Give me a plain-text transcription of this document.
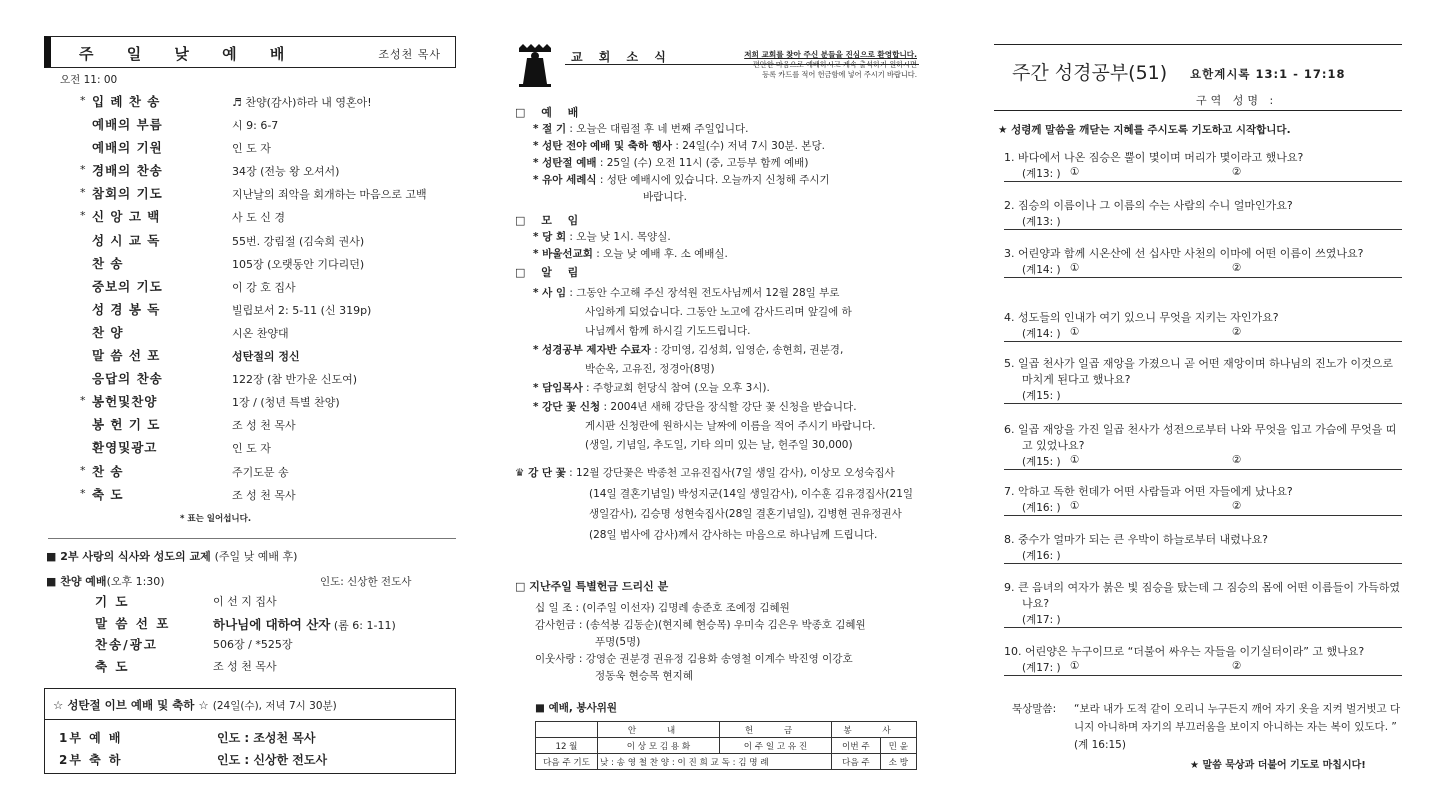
주 일 낮 예 배	조성천 목사
오전 11: 00
* 입 례 찬 송	♬ 찬양(감사)하라 내 영혼아!
예배의 부름	시 9: 6-7
예배의 기원	인 도 자
* 경배의 찬송	34장 (전능 왕 오셔서)
* 참회의 기도	지난날의 죄악을 회개하는 마음으로 고백
* 신 앙 고 백	사 도 신 경
성 시 교 독	55번. 강림절 (김숙희 권사)
찬 송	105장 (오랫동안 기다리던)
중보의 기도	이 강 호 집사
성 경 봉 독	빌립보서 2: 5-11 (신 319p)
찬 양	시온 찬양대
말 씀 선 포	성탄절의 정신
응답의 찬송	122장 (참 반가운 신도여)
* 봉헌및찬양	1장 / (청년 특별 찬양)
봉 헌 기 도	조 성 천 목사
환영및광고	인 도 자
* 찬 송	주기도문 송
* 축 도	조 성 천 목사
* 표는 일어섭니다.
■ 2부 사랑의 식사와 성도의 교제 (주일 낮 예배 후)
■ 찬양 예배(오후 1:30)	인도: 신상한 전도사
기 도	이 선 지 집사
말 씀 선 포	하나님에 대하여 산자 (롬 6: 1-11)
찬송/광고	506장 / *525장
축 도	조 성 천 목사
☆ 성탄절 이브 예배 및 축하 ☆ (24일(수), 저녁 7시 30분)
1부 예 배	인도 : 조성천 목사
2부 축 하	인도 : 신상한 전도사
교 회 소 식	저희 교회를 찾아 주신 분들을 진심으로 환영합니다.
편안한 마음으로 예배하시고 계속 출석하기 원하시면
등록 카드를 적어 헌금함에 넣어 주시기 바랍니다.
□ 예 배
* 절 기 : 오늘은 대림절 후 네 번째 주일입니다.
* 성탄 전야 예배 및 축하 행사 : 24일(수) 저녁 7시 30분. 본당.
* 성탄절 예배 : 25일 (수) 오전 11시 (중, 고등부 함께 예배)
* 유아 세례식 : 성탄 예배시에 있습니다. 오늘까지 신청해 주시기
바랍니다.
□ 모 임
* 당 회 : 오늘 낮 1시. 목양실.
* 바울선교회 : 오늘 낮 예배 후. 소 예배실.
□ 알 림
* 사 임 : 그동안 수고해 주신 장석원 전도사님께서 12월 28일 부로
사임하게 되었습니다. 그동안 노고에 감사드리며 앞길에 하
나님께서 함께 하시길 기도드립니다.
* 성경공부 제자반 수료자 : 강미영, 김성희, 임영순, 송현희, 권분경,
박순옥, 고유진, 정경아(8명)
* 담임목사 : 주항교회 헌당식 참여 (오늘 오후 3시).
* 강단 꽃 신청 : 2004년 새해 강단을 장식할 강단 꽃 신청을 받습니다.
게시판 신청란에 원하시는 날짜에 이름을 적어 주시기 바랍니다.
(생일, 기념일, 추도일, 기타 의미 있는 날, 헌주일 30,000)
♛ 강 단 꽃 : 12월 강단꽃은 박종천 고유진집사(7일 생일 감사), 이상모 오성숙집사
(14일 결혼기념일) 박성지군(14일 생일감사), 이수훈 김유경집사(21일
생일감사), 김승명 성현숙집사(28일 결혼기념일), 김병현 권유정권사
(28일 범사에 감사)께서 감사하는 마음으로 하나님께 드립니다.
□ 지난주일 특별헌금 드리신 분
십 일 조 : (이주일 이선자) 김명례 송준호 조예정 김혜원
감사헌금 : (송석봉 김동순)(현지혜 현승목) 우미숙 김은우 박종호 김혜원
푸명(5명)
이웃사랑 : 강영순 권분경 권유정 김용화 송영철 이계수 박진영 이강호
정동욱 현승목 현지혜
■ 예배, 봉사위원
	안 내	헌 금	봉 사	
12 월	이 상 모 김 용 화	이 주 일 고 유 진	이번 주	민 윤
다음 주 기도	낮 : 송 영 철 찬 양 : 이 진 희 교 독 : 김 명 례		다음 주	소 방
주간 성경공부(51) 요한계시록 13:1 - 17:18
구역 성명 :
★ 성령께 말씀을 깨닫는 지혜를 주시도록 기도하고 시작합니다.
1. 바다에서 나온 짐승은 뿔이 몇이며 머리가 몇이라고 했나요?
(계13: ) ①	②
2. 짐승의 이름이나 그 이름의 수는 사람의 수니 얼마인가요?
(계13: )
3. 어린양과 함께 시온산에 선 십사만 사천의 이마에 어떤 이름이 쓰였나요?
(계14: ) ①	②
4. 성도들의 인내가 여기 있으니 무엇을 지키는 자인가요?
(계14: ) ①	②
5. 일곱 천사가 일곱 재앙을 가졌으니 곧 어떤 재앙이며 하나님의 진노가 이것으로 마치게 된다고 했나요?
(계15: )
6. 일곱 재앙을 가진 일곱 천사가 성전으로부터 나와 무엇을 입고 가슴에 무엇을 띠고 있었나요?
(계15: ) ①	②
7. 악하고 독한 헌데가 어떤 사람들과 어떤 자들에게 났나요?
(계16: ) ①	②
8. 중수가 얼마가 되는 큰 우박이 하늘로부터 내렸나요?
(계16: )
9. 큰 음녀의 여자가 붉은 빛 짐승을 탔는데 그 짐승의 몸에 어떤 이름들이 가득하였나요?
(계17: )
10. 어린양은 누구이므로 “더불어 싸우는 자들을 이기실터이라” 고 했나요?
(계17: ) ①	②
묵상말씀: “보라 내가 도적 같이 오리니 누구든지 깨어 자기 옷을 지켜 벌거벗고 다니지 아니하며 자기의 부끄러움을 보이지 아니하는 자는 복이 있도다. ” (계 16:15)
★ 말씀 묵상과 더불어 기도로 마칩시다!
